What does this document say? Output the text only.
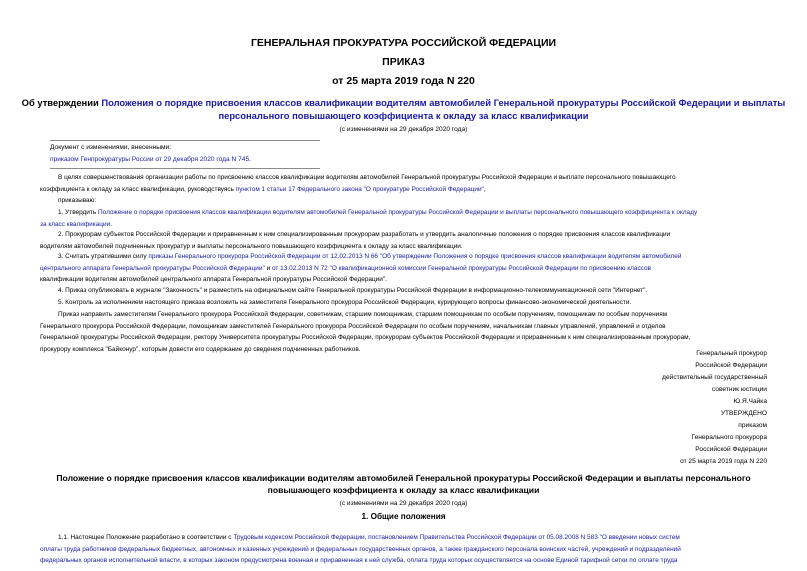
ГЕНЕРАЛЬНАЯ ПРОКУРАТУРА РОССИЙСКОЙ ФЕДЕРАЦИИ
ПРИКАЗ
от 25 марта 2019 года N 220
Об утверждении Положения о порядке присвоения классов квалификации водителям автомобилей Генеральной прокуратуры Российской Федерации и выплаты
персонального повышающего коэффициента к окладу за класс квалификации
(с изменениями на 29 декабря 2020 года)
Документ с изменениями, внесенными:
приказом Генпрокуратуры России от 29 декабря 2020 года N 745.
В целях совершенствования организации работы по присвоению классов квалификации водителям автомобилей Генеральной прокуратуры Российской Федерации и выплате персонального повышающего
коэффициента к окладу за класс квалификации, руководствуясь пунктом 1 статьи 17 Федерального закона "О прокуратуре Российской Федерации",
приказываю:
1. Утвердить Положение о порядке присвоения классов квалификации водителям автомобилей Генеральной прокуратуры Российской Федерации и выплаты персонального повышающего коэффициента к окладу
за класс квалификации.
2. Прокурорам субъектов Российской Федерации и приравненным к ним специализированным прокурорам разработать и утвердить аналогичные положения о порядке присвоения классов квалификации
водителям автомобилей подчиненных прокуратур и выплаты персонального повышающего коэффициента к окладу за класс квалификации.
3. Считать утратившими силу приказы Генерального прокурора Российской Федерации от 12.02.2013 N 66 "Об утверждении Положения о порядке присвоения классов квалификации водителям автомобилей
центрального аппарата Генеральной прокуратуры Российской Федерации" и от 13.02.2013 N 72 "О квалификационной комиссии Генеральной прокуратуры Российской Федерации по присвоению классов
квалификации водителям автомобилей центрального аппарата Генеральной прокуратуры Российской Федерации".
4. Приказ опубликовать в журнале "Законность" и разместить на официальном сайте Генеральной прокуратуры Российской Федерации в информационно-телекоммуникационной сети "Интернет".
5. Контроль за исполнением настоящего приказа возложить на заместителя Генерального прокурора Российской Федерации, курирующего вопросы финансово-экономической деятельности.
Приказ направить заместителям Генерального прокурора Российской Федерации, советникам, старшим помощникам, старшим помощникам по особым поручениям, помощникам по особым поручениям
Генерального прокурора Российской Федерации, помощникам заместителей Генерального прокурора Российской Федерации по особым поручениям, начальникам главных управлений, управлений и отделов
Генеральной прокуратуры Российской Федерации, ректору Университета прокуратуры Российской Федерации, прокурорам субъектов Российской Федерации и приравненным к ним специализированным прокурорам,
прокурору комплекса "Байконур", которым довести его содержание до сведения подчиненных работников.
Генеральный прокурор
Российской Федерации
действительный государственный
советник юстиции
Ю.Я.Чайка
УТВЕРЖДЕНО
приказом
Генерального прокурора
Российской Федерации
от 25 марта 2019 года N 220
Положение о порядке присвоения классов квалификации водителям автомобилей Генеральной прокуратуры Российской Федерации и выплаты персонального
повышающего коэффициента к окладу за класс квалификации
(с изменениями на 29 декабря 2020 года)
1. Общие положения
1.1. Настоящее Положение разработано в соответствии с Трудовым кодексом Российской Федерации, постановлением Правительства Российской Федерации от 05.08.2008 N 583 "О введении новых систем
оплаты труда работников федеральных бюджетных, автономных и казенных учреждений и федеральных государственных органов, а также гражданского персонала воинских частей, учреждений и подразделений
федеральных органов исполнительной власти, в которых законом предусмотрена военная и приравненная к ней служба, оплата труда которых осуществляется на основе Единой тарифной сетки по оплате труда
